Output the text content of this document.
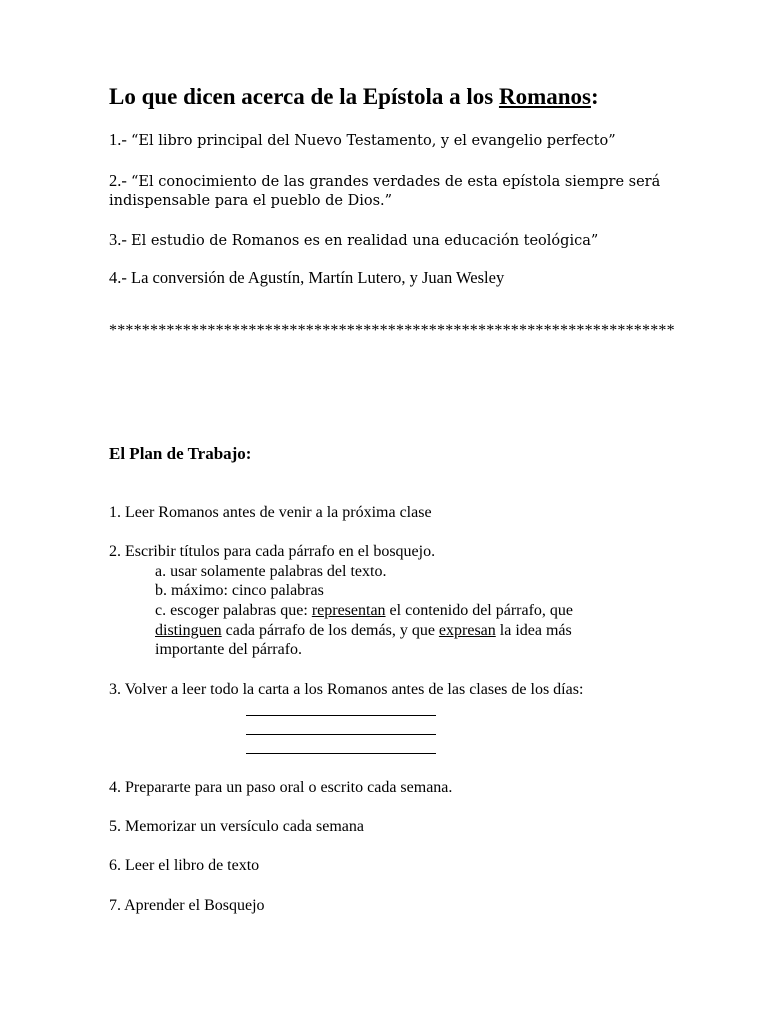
Lo que dicen acerca de la Epístola a los Romanos:
1.- “El libro principal del Nuevo Testamento, y el evangelio perfecto”
2.- “El conocimiento de las grandes verdades de esta epístola siempre será
indispensable para el pueblo de Dios.”
3.- El estudio de Romanos es en realidad una educación teológica”
4.- La conversión de Agustín, Martín Lutero, y Juan Wesley
*********************************************************************
El Plan de Trabajo:
1. Leer Romanos antes de venir a la próxima clase
2. Escribir títulos para cada párrafo en el bosquejo.
a. usar solamente palabras del texto.
b. máximo: cinco palabras
c. escoger palabras que: representan el contenido del párrafo, que
distinguen cada párrafo de los demás, y que expresan la idea más
importante del párrafo.
3. Volver a leer todo la carta a los Romanos antes de las clases de los días:
4. Prepararte para un paso oral o escrito cada semana.
5. Memorizar un versículo cada semana
6. Leer el libro de texto
7. Aprender el Bosquejo
